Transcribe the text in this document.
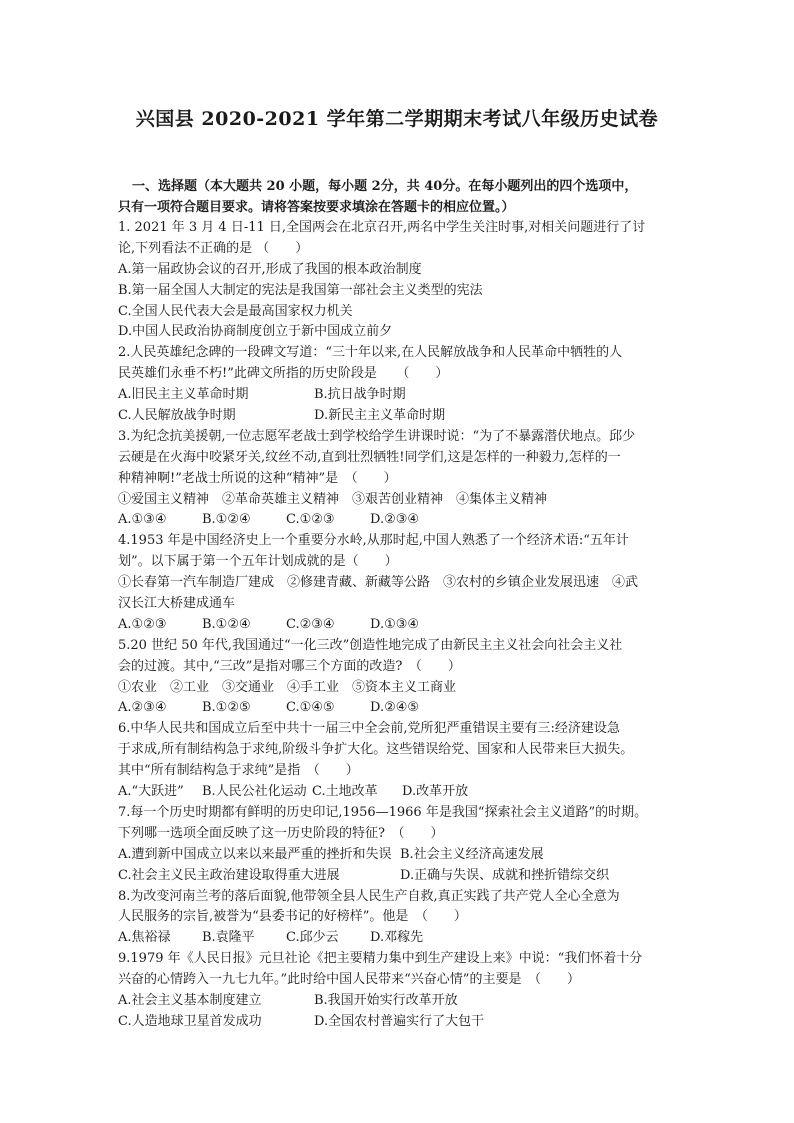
兴国县 2020-2021 学年第二学期期末考试八年级历史试卷
一、选择题（本大题共 20 小题，每小题 2分，共 40分。在每小题列出的四个选项中，
只有一项符合题目要求。请将答案按要求填涂在答题卡的相应位置。）
1. 2021 年 3 月 4 日-11 日,全国两会在北京召开,两名中学生关注时事,对相关问题进行了讨
论,下列看法不正确的是 （　　）
A.第一届政协会议的召开,形成了我国的根本政治制度
B.第一届全国人大制定的宪法是我国第一部社会主义类型的宪法
C.全国人民代表大会是最高国家权力机关
D.中国人民政治协商制度创立于新中国成立前夕
2.人民英雄纪念碑的一段碑文写道：“三十年以来,在人民解放战争和人民革命中牺牲的人
民英雄们永垂不朽!”此碑文所指的历史阶段是　　（　　）
A.旧民主主义革命时期	B.抗日战争时期
C.人民解放战争时期	D.新民主主义革命时期
3.为纪念抗美援朝,一位志愿军老战士到学校给学生讲课时说：“为了不暴露潜伏地点。邱少
云硬是在火海中咬紧牙关,纹丝不动,直到壮烈牺牲!同学们,这是怎样的一种毅力,怎样的一
种精神啊!”老战士所说的这种“精神”是　（　　）
①爱国主义精神　②革命英雄主义精神　③艰苦创业精神　④集体主义精神
A.①③④	B.①②④	C.①②③	D.②③④
4.1953 年是中国经济史上一个重要分水岭,从那时起,中国人熟悉了一个经济术语:“五年计
划”。以下属于第一个五年计划成就的是（　　）
①长春第一汽车制造厂建成　②修建青藏、新藏等公路　③农村的乡镇企业发展迅速　④武
汉长江大桥建成通车
A.①②③	B.①②④	C.②③④	D.①③④
5.20 世纪 50 年代,我国通过“一化三改”创造性地完成了由新民主主义社会向社会主义社
会的过渡。其中,“三改”是指对哪三个方面的改造?　（　　）
①农业　②工业　③交通业　④手工业　⑤资本主义工商业
A.②③④	B.①②⑤	C.①④⑤	D.②④⑤
6.中华人民共和国成立后至中共十一届三中全会前,党所犯严重错误主要有三:经济建设急
于求成,所有制结构急于求纯,阶级斗争扩大化。这些错误给党、国家和人民带来巨大损失。
其中“所有制结构急于求纯”是指　（　　）
A.“大跃进”	B.人民公社化运动 C.土地改革	D.改革开放
7.每一个历史时期都有鲜明的历史印记,1956—1966 年是我国“探索社会主义道路”的时期。
下列哪一选项全面反映了这一历史阶段的特征?　（　　）
A.遭到新中国成立以来以来最严重的挫折和失误 B.社会主义经济高速发展
C.社会主义民主政治建设取得重大进展	D.正确与失误、成就和挫折错综交织
8.为改变河南兰考的落后面貌,他带领全县人民生产自救,真正实践了共产党人全心全意为
人民服务的宗旨,被誉为“县委书记的好榜样”。他是　（　　）
A.焦裕禄	B.袁隆平	C.邱少云	D.邓稼先
9.1979 年《人民日报》元旦社论《把主要精力集中到生产建设上来》中说：“我们怀着十分
兴奋的心情跨入一九七九年。”此时给中国人民带来“兴奋心情”的主要是　（　　）
A.社会主义基本制度建立	B.我国开始实行改革开放
C.人造地球卫星首发成功	D.全国农村普遍实行了大包干
